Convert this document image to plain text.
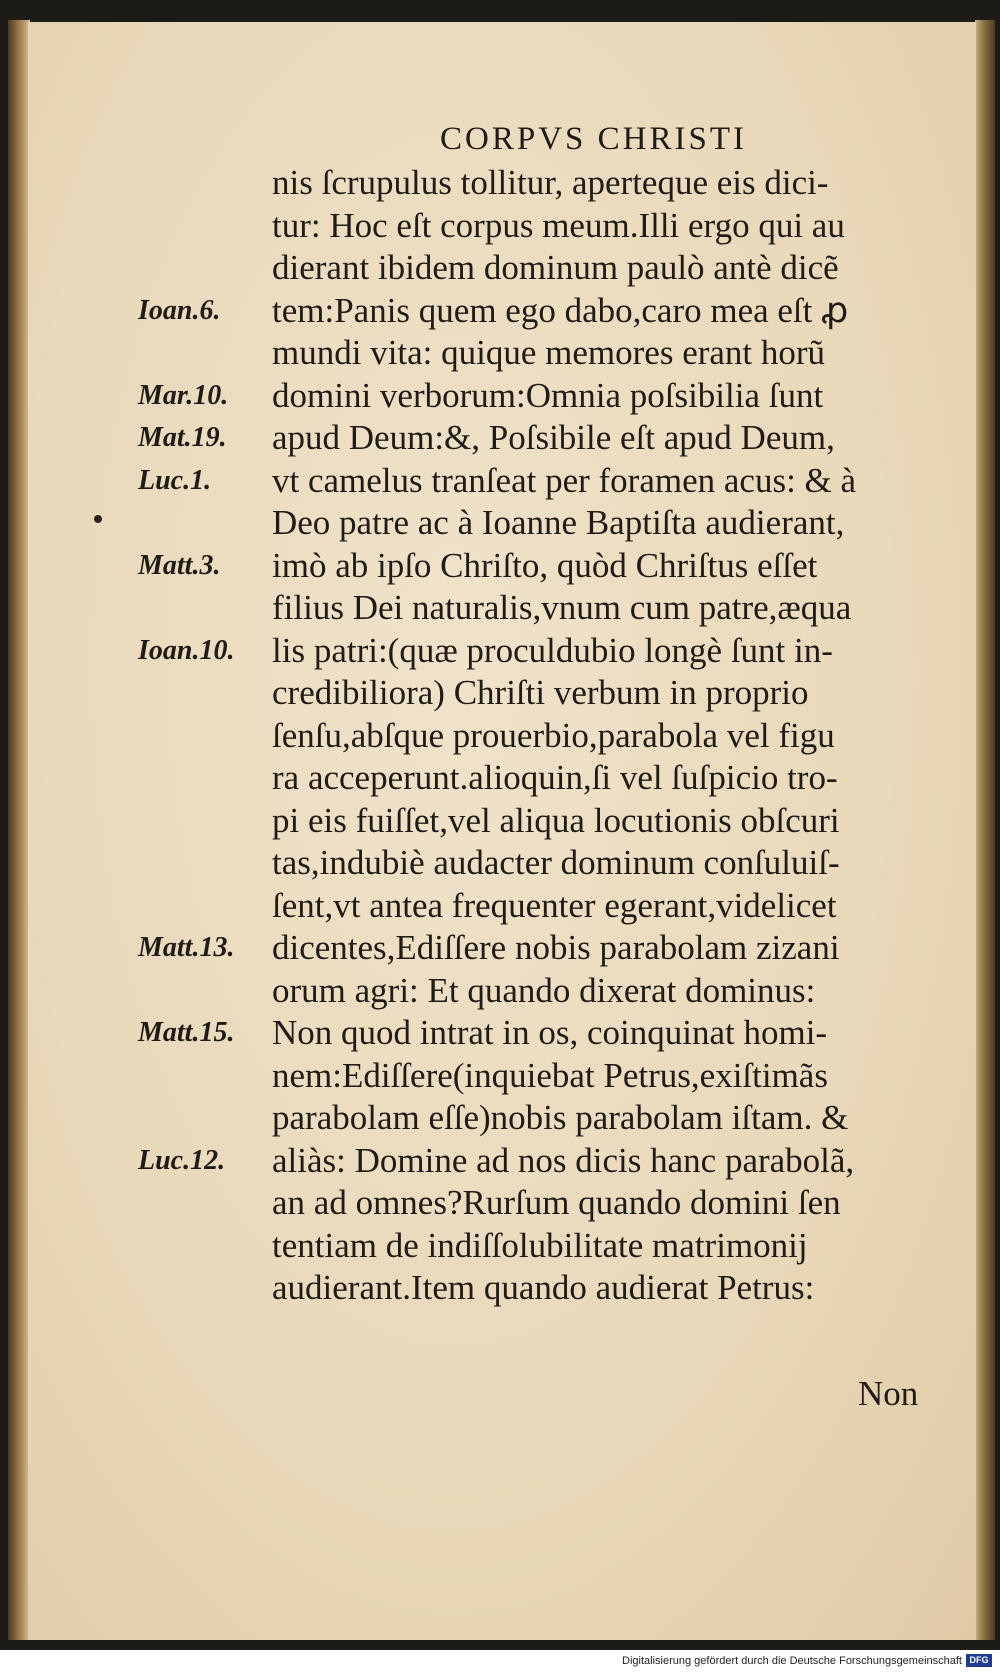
CORPVS CHRISTI
nis ſcrupulus tollitur, aperteque eis dici-
tur: Hoc eſt corpus meum.Illi ergo qui au
dierant ibidem dominum paulò antè dicẽ
tem:Panis quem ego dabo,caro mea eſt ꝓ
mundi vita: quique memores erant horũ
domini verborum:Omnia poſsibilia ſunt
apud Deum:&, Poſsibile eſt apud Deum,
vt camelus tranſeat per foramen acus: & à
Deo patre ac à Ioanne Baptiſta audierant,
imò ab ipſo Chriſto, quòd Chriſtus eſſet
filius Dei naturalis,vnum cum patre,æqua
lis patri:(quæ proculdubio longè ſunt in-
credibiliora) Chriſti verbum in proprio
ſenſu,abſque prouerbio,parabola vel figu
ra acceperunt.alioquin,ſi vel ſuſpicio tro-
pi eis fuiſſet,vel aliqua locutionis obſcuri
tas,indubiè audacter dominum conſuluiſ-
ſent,vt antea frequenter egerant,videlicet
dicentes,Ediſſere nobis parabolam zizani
orum agri: Et quando dixerat dominus:
Non quod intrat in os, coinquinat homi-
nem:Ediſſere(inquiebat Petrus,exiſtimãs
parabolam eſſe)nobis parabolam iſtam. &
aliàs: Domine ad nos dicis hanc parabolã,
an ad omnes?Rurſum quando domini ſen
tentiam de indiſſolubilitate matrimonij
audierant.Item quando audierat Petrus:
Ioan.6.
Mar.10.
Mat.19.
Luc.1.
Matt.3.
Ioan.10.
Matt.13.
Matt.15.
Luc.12.
Non
Digitalisierung gefördert durch die Deutsche Forschungsgemeinschaft DFG
